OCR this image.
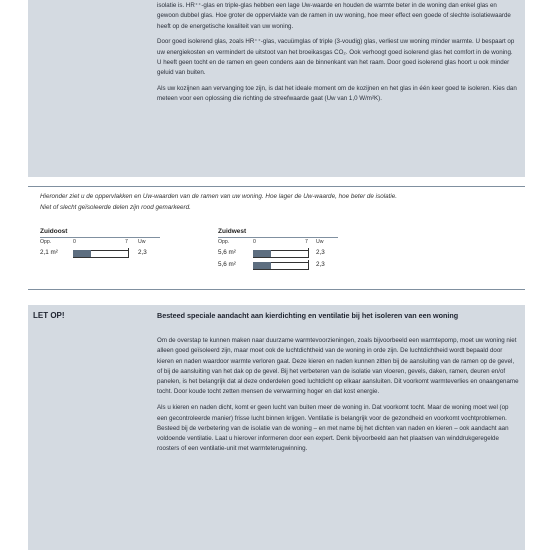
isolatie is. HR⁺⁺-glas en triple-glas hebben een lage Uw-waarde en houden de warmte beter in de woning dan enkel glas en gewoon dubbel glas. Hoe groter de oppervlakte van de ramen in uw woning, hoe meer effect een goede of slechte isolatiewaarde heeft op de energetische kwaliteit van uw woning.

Door goed isolerend glas, zoals HR⁺⁺-glas, vacuümglas of triple (3-voudig) glas, verliest uw woning minder warmte. U bespaart op uw energiekosten en vermindert de uitstoot van het broeikasgas CO₂. Ook verhoogt goed isolerend glas het comfort in de woning. U heeft geen tocht en de ramen en geen condens aan de binnenkant van het raam. Door goed isolerend glas hoort u ook minder geluid van buiten.

Als uw kozijnen aan vervanging toe zijn, is dat het ideale moment om de kozijnen en het glas in één keer goed te isoleren. Kies dan meteen voor een oplossing die richting de streefwaarde gaat (Uw van 1,0 W/m²K).

Hieronder ziet u de oppervlakken en Uw-waarden van de ramen van uw woning. Hoe lager de Uw-waarde, hoe beter de isolatie.
Niet of slecht geïsoleerde delen zijn rood gemarkeerd.
Zuidoost
Opp.	0	7 Uw
2,1 m²	2,3
Zuidwest
Opp.	0	7 Uw
5,6 m²	2,3
5,6 m²	2,3
LET OP!	Besteed speciale aandacht aan kierdichting en ventilatie bij het isoleren van een woning

Om de overstap te kunnen maken naar duurzame warmtevoorzieningen, zoals bijvoorbeeld een warmtepomp, moet uw woning niet alleen goed geïsoleerd zijn, maar moet ook de luchtdichtheid van de woning in orde zijn. De luchtdichtheid wordt bepaald door kieren en naden waardoor warmte verloren gaat. Deze kieren en naden kunnen zitten bij de aansluiting van de ramen op de gevel, of bij de aansluiting van het dak op de gevel. Bij het verbeteren van de isolatie van vloeren, gevels, daken, ramen, deuren en/of panelen, is het belangrijk dat al deze onderdelen goed luchtdicht op elkaar aansluiten. Dit voorkomt warmteverlies en onaangename tocht. Door koude tocht zetten mensen de verwarming hoger en dat kost energie.

Als u kieren en naden dicht, komt er geen lucht van buiten meer de woning in. Dat voorkomt tocht. Maar de woning moet wel (op een gecontroleerde manier) frisse lucht binnen krijgen. Ventilatie is belangrijk voor de gezondheid en voorkomt vochtproblemen. Besteed bij de verbetering van de isolatie van de woning – en met name bij het dichten van naden en kieren – ook aandacht aan voldoende ventilatie. Laat u hierover informeren door een expert. Denk bijvoorbeeld aan het plaatsen van winddrukgeregelde roosters of een ventilatie-unit met warmteterugwinning.
